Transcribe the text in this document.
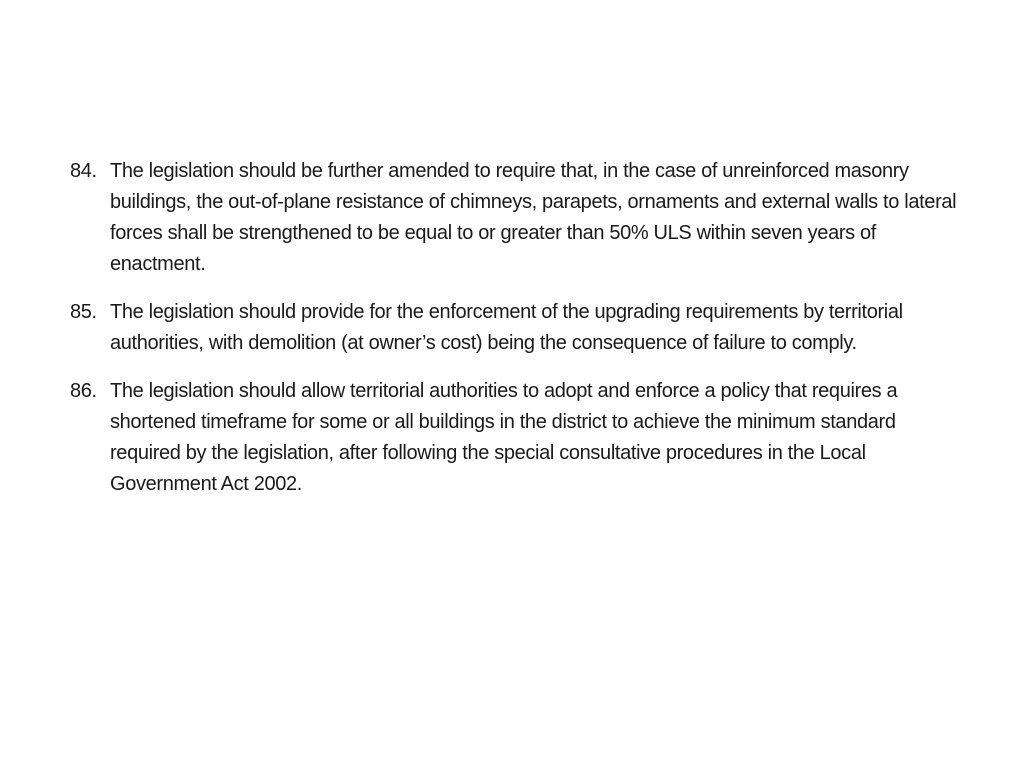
84. The legislation should be further amended to require that, in the case of unreinforced masonry buildings, the out-of-plane resistance of chimneys, parapets, ornaments and external walls to lateral forces shall be strengthened to be equal to or greater than 50% ULS within seven years of enactment.
85. The legislation should provide for the enforcement of the upgrading requirements by territorial authorities, with demolition (at owner’s cost) being the consequence of failure to comply.
86. The legislation should allow territorial authorities to adopt and enforce a policy that requires a shortened timeframe for some or all buildings in the district to achieve the minimum standard required by the legislation, after following the special consultative procedures in the Local Government Act 2002.
